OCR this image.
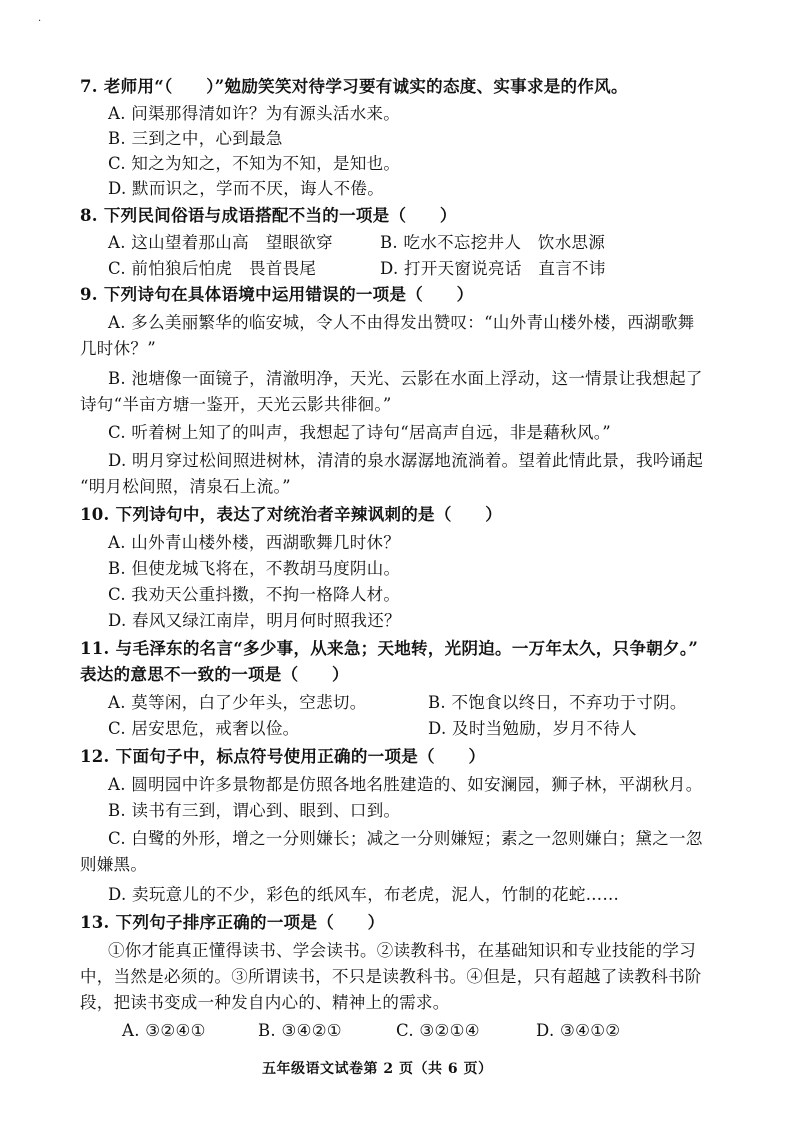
·
7. 老师用“（　　）”勉励笑笑对待学习要有诚实的态度、实事求是的作风。
A. 问渠那得清如许？为有源头活水来。
B. 三到之中，心到最急
C. 知之为知之，不知为不知，是知也。
D. 默而识之，学而不厌，诲人不倦。
8. 下列民间俗语与成语搭配不当的一项是（　　）
A. 这山望着那山高　望眼欲穿	B. 吃水不忘挖井人　饮水思源
C. 前怕狼后怕虎　畏首畏尾	D. 打开天窗说亮话　直言不讳
9. 下列诗句在具体语境中运用错误的一项是（　　）
A. 多么美丽繁华的临安城，令人不由得发出赞叹：“山外青山楼外楼，西湖歌舞
几时休？”
B. 池塘像一面镜子，清澈明净，天光、云影在水面上浮动，这一情景让我想起了
诗句“半亩方塘一鉴开，天光云影共徘徊。”
C. 听着树上知了的叫声，我想起了诗句“居高声自远，非是藉秋风。”
D. 明月穿过松间照进树林，清清的泉水潺潺地流淌着。望着此情此景，我吟诵起
“明月松间照，清泉石上流。”
10. 下列诗句中，表达了对统治者辛辣讽刺的是（　　）
A. 山外青山楼外楼，西湖歌舞几时休？
B. 但使龙城飞将在，不教胡马度阴山。
C. 我劝天公重抖擞，不拘一格降人材。
D. 春风又绿江南岸，明月何时照我还？
11. 与毛泽东的名言“多少事，从来急；天地转，光阴迫。一万年太久，只争朝夕。”
表达的意思不一致的一项是（　　）
A. 莫等闲，白了少年头，空悲切。	B. 不饱食以终日，不弃功于寸阴。
C. 居安思危，戒奢以俭。	D. 及时当勉励，岁月不待人
12. 下面句子中，标点符号使用正确的一项是（　　）
A. 圆明园中许多景物都是仿照各地名胜建造的、如安澜园，狮子林，平湖秋月。
B. 读书有三到，谓心到、眼到、口到。
C. 白鹭的外形，增之一分则嫌长；减之一分则嫌短；素之一忽则嫌白；黛之一忽
则嫌黑。
D. 卖玩意儿的不少，彩色的纸风车，布老虎，泥人，竹制的花蛇……
13. 下列句子排序正确的一项是（　　）
①你才能真正懂得读书、学会读书。②读教科书，在基础知识和专业技能的学习
中，当然是必须的。③所谓读书，不只是读教科书。④但是，只有超越了读教科书阶
段，把读书变成一种发自内心的、精神上的需求。
A. ③②④①	B. ③④②①	C. ③②①④	D. ③④①②
五年级语文试卷第 2 页（共 6 页）
